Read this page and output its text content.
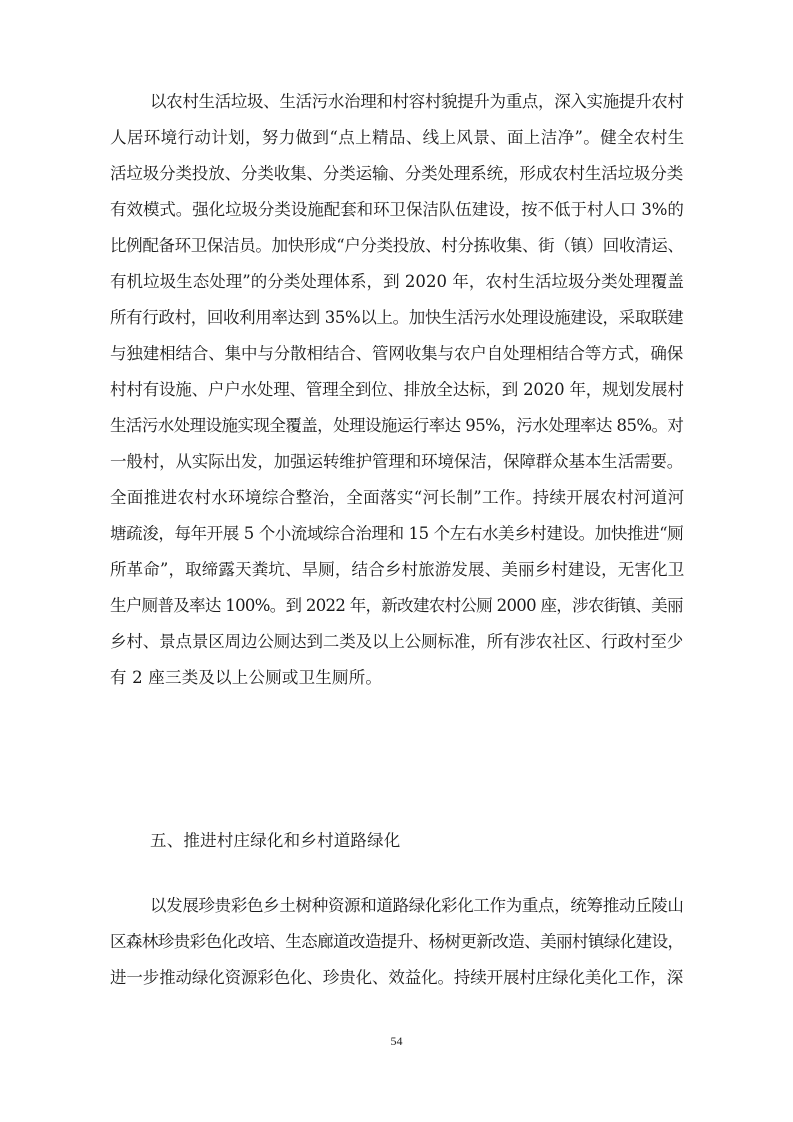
以农村生活垃圾、生活污水治理和村容村貌提升为重点，深入实施提升农村
人居环境行动计划，努力做到“点上精品、线上风景、面上洁净”。健全农村生
活垃圾分类投放、分类收集、分类运输、分类处理系统，形成农村生活垃圾分类
有效模式。强化垃圾分类设施配套和环卫保洁队伍建设，按不低于村人口 3%的
比例配备环卫保洁员。加快形成“户分类投放、村分拣收集、街（镇）回收清运、
有机垃圾生态处理”的分类处理体系，到 2020 年，农村生活垃圾分类处理覆盖
所有行政村，回收利用率达到 35%以上。加快生活污水处理设施建设，采取联建
与独建相结合、集中与分散相结合、管网收集与农户自处理相结合等方式，确保
村村有设施、户户水处理、管理全到位、排放全达标，到 2020 年，规划发展村
生活污水处理设施实现全覆盖，处理设施运行率达 95%，污水处理率达 85%。对
一般村，从实际出发，加强运转维护管理和环境保洁，保障群众基本生活需要。
全面推进农村水环境综合整治，全面落实“河长制”工作。持续开展农村河道河
塘疏浚，每年开展 5 个小流域综合治理和 15 个左右水美乡村建设。加快推进“厕
所革命”，取缔露天粪坑、旱厕，结合乡村旅游发展、美丽乡村建设，无害化卫
生户厕普及率达 100%。到 2022 年，新改建农村公厕 2000 座，涉农街镇、美丽
乡村、景点景区周边公厕达到二类及以上公厕标准，所有涉农社区、行政村至少
有 2 座三类及以上公厕或卫生厕所。
五、推进村庄绿化和乡村道路绿化
以发展珍贵彩色乡土树种资源和道路绿化彩化工作为重点，统筹推动丘陵山
区森林珍贵彩色化改培、生态廊道改造提升、杨树更新改造、美丽村镇绿化建设，
进一步推动绿化资源彩色化、珍贵化、效益化。持续开展村庄绿化美化工作，深
54
